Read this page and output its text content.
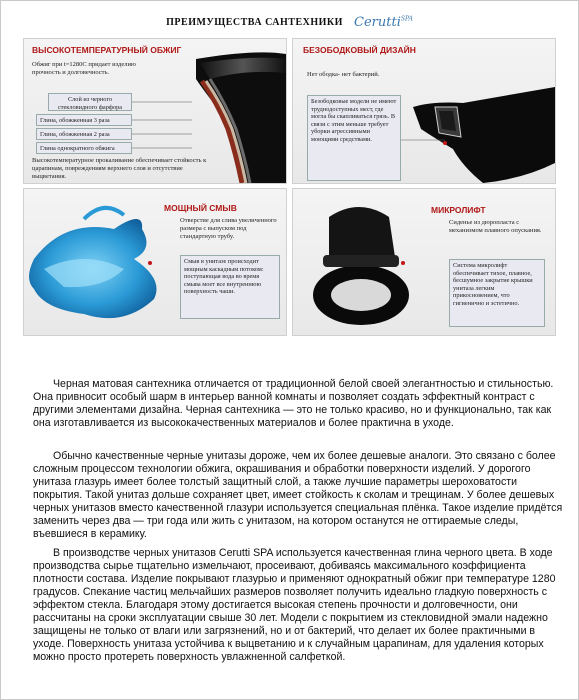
ПРЕИМУЩЕСТВА САНТЕХНИКИ Cerutti$^{SPA}$
ВЫСОКОТЕМПЕРАТУРНЫЙ ОБЖИГ
Обжиг при t=1280С придает изделию прочность и долговечность.
Слой из черного стекловидного фарфора
Глина, обожженная 3 раза
Глина, обожженная 2 раза
Глина однократного обжига
Высокотемпературное прокаливание обеспечивает стойкость к царапинам, повреждениям верхнего слоя и отсутствие выцветания.
БЕЗОБОДКОВЫЙ ДИЗАЙН
Нет ободка- нет бактерий.
Безободковые модели не имеют труднодоступных мест, где могла бы скапливаться грязь. В связи с этим меньше требует уборки агрессивными моющими средствами.
МОЩНЫЙ СМЫВ
Отверстие для слива увеличенного размера с выпуском под стандартную трубу.
Смыв в унитазе происходит мощным каскадным потоком: поступающая вода во время смыва моет все внутреннюю поверхность чаши.
МИКРОЛИФТ
Сиденье из дюропласта с механизмом плавного опускания.
Система микролифт обеспечивает тихое, плавное, бесшумное закрытие крышки унитаза легким прикосновением, что гигиенично и эстетично.

Черная матовая сантехника отличается от традиционной белой своей элегантностью и стильностью. Она привносит особый шарм в интерьер ванной комнаты и позволяет создать эффектный контраст с другими элементами дизайна. Черная сантехника — это не только красиво, но и функционально, так как она изготавливается из высококачественных материалов и более практична в уходе.

Обычно качественные черные унитазы дороже, чем их более дешевые аналоги. Это связано с более сложным процессом технологии обжига, окрашивания и обработки поверхности изделий. У дорогого унитаза глазурь имеет более толстый защитный слой, а также лучшие параметры шероховатости покрытия. Такой унитаз дольше сохраняет цвет, имеет стойкость к сколам и трещинам. У более дешевых черных унитазов вместо качественной глазури используется специальная плёнка. Такое изделие придётся заменить через два — три года или жить с унитазом, на котором останутся не оттираемые следы, въевшиеся в керамику.

В производстве черных унитазов Cerutti SPA используется качественная глина черного цвета. В ходе производства сырье тщательно измельчают, просеивают, добиваясь максимального коэффициента плотности состава. Изделие покрывают глазурью и применяют однократный обжиг при температуре 1280 градусов. Спекание частиц мельчайших размеров позволяет получить идеально гладкую поверхность с эффектом стекла. Благодаря этому достигается высокая степень прочности и долговечности, они рассчитаны на сроки эксплуатации свыше 30 лет. Модели с покрытием из стекловидной эмали надежно защищены не только от влаги или загрязнений, но и от бактерий, что делает их более практичными в уходе. Поверхность унитаза устойчива к выцветанию и к случайным царапинам, для удаления которых можно просто протереть поверхность увлажненной салфеткой.
